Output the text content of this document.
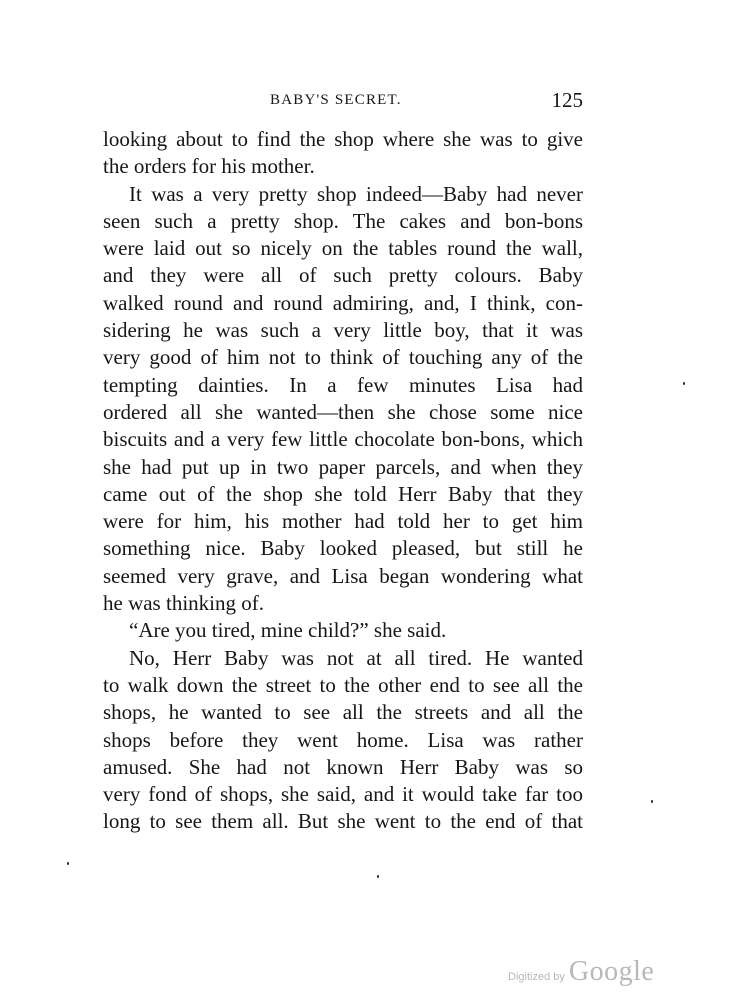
BABY'S SECRET.	125
looking about to find the shop where she was to give
the orders for his mother.
It was a very pretty shop indeed—Baby had never
seen such a pretty shop. The cakes and bon-bons
were laid out so nicely on the tables round the wall,
and they were all of such pretty colours. Baby
walked round and round admiring, and, I think, con-
sidering he was such a very little boy, that it was
very good of him not to think of touching any of the
tempting dainties. In a few minutes Lisa had
ordered all she wanted—then she chose some nice
biscuits and a very few little chocolate bon-bons, which
she had put up in two paper parcels, and when they
came out of the shop she told Herr Baby that they
were for him, his mother had told her to get him
something nice. Baby looked pleased, but still he
seemed very grave, and Lisa began wondering what
he was thinking of.
“Are you tired, mine child?” she said.
No, Herr Baby was not at all tired. He wanted
to walk down the street to the other end to see all the
shops, he wanted to see all the streets and all the
shops before they went home. Lisa was rather
amused. She had not known Herr Baby was so
very fond of shops, she said, and it would take far too
long to see them all. But she went to the end of that
Digitized by Google
